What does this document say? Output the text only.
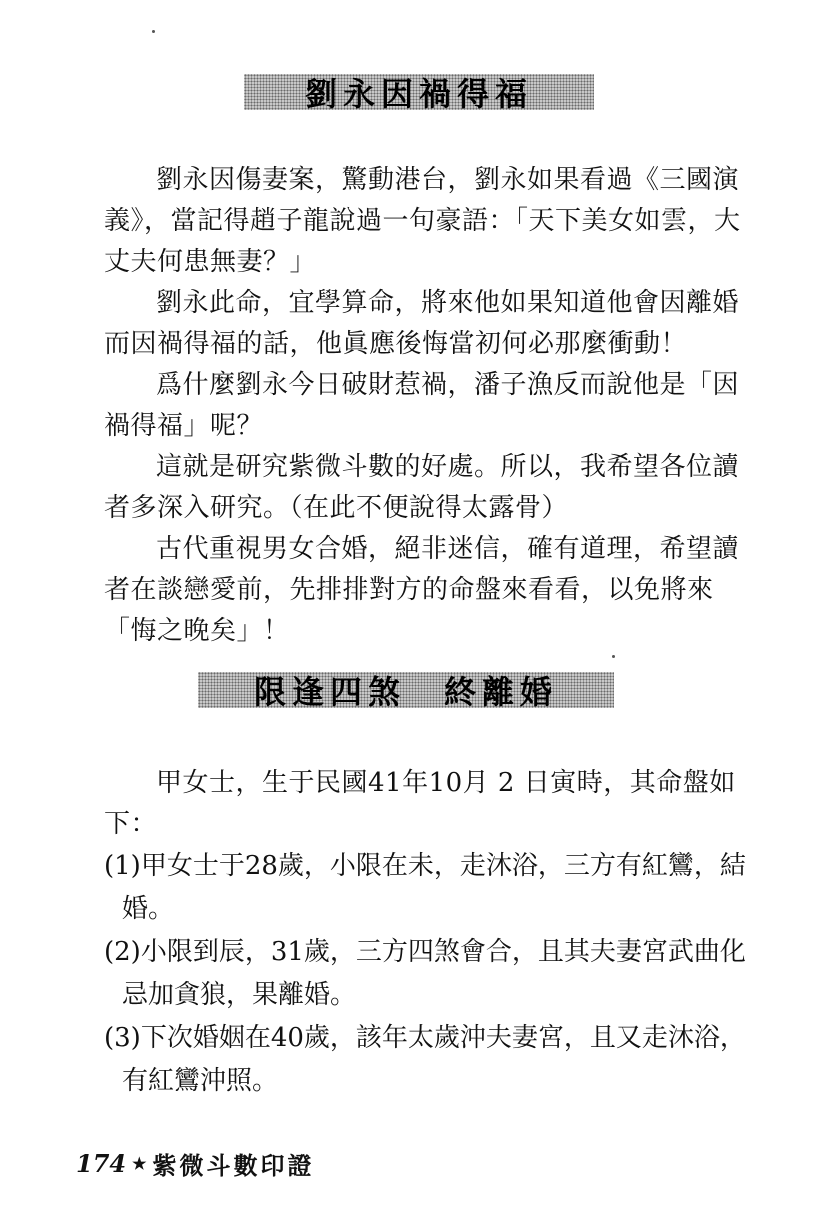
劉永因禍得福

劉永因傷妻案，驚動港台，劉永如果看過《三國演義》，當記得趙子龍說過一句豪語：「天下美女如雲，大丈夫何患無妻？」

劉永此命，宜學算命，將來他如果知道他會因離婚而因禍得福的話，他眞應後悔當初何必那麼衝動！

爲什麼劉永今日破財惹禍，潘子漁反而說他是「因禍得福」呢？

這就是研究紫微斗數的好處。所以，我希望各位讀者多深入研究。（在此不便說得太露骨）

古代重視男女合婚，絕非迷信，確有道理，希望讀者在談戀愛前，先排排對方的命盤來看看，以免將來「悔之晚矣」！

限逢四煞　終離婚

甲女士，生于民國41年10月 2 日寅時，其命盤如下：

(1)甲女士于28歲，小限在未，走沐浴，三方有紅鸞，結婚。

(2)小限到辰，31歲，三方四煞會合，且其夫妻宮武曲化忌加貪狼，果離婚。

(3)下次婚姻在40歲，該年太歲沖夫妻宮，且又走沐浴，有紅鸞沖照。

174 ★ 紫微斗數印證
